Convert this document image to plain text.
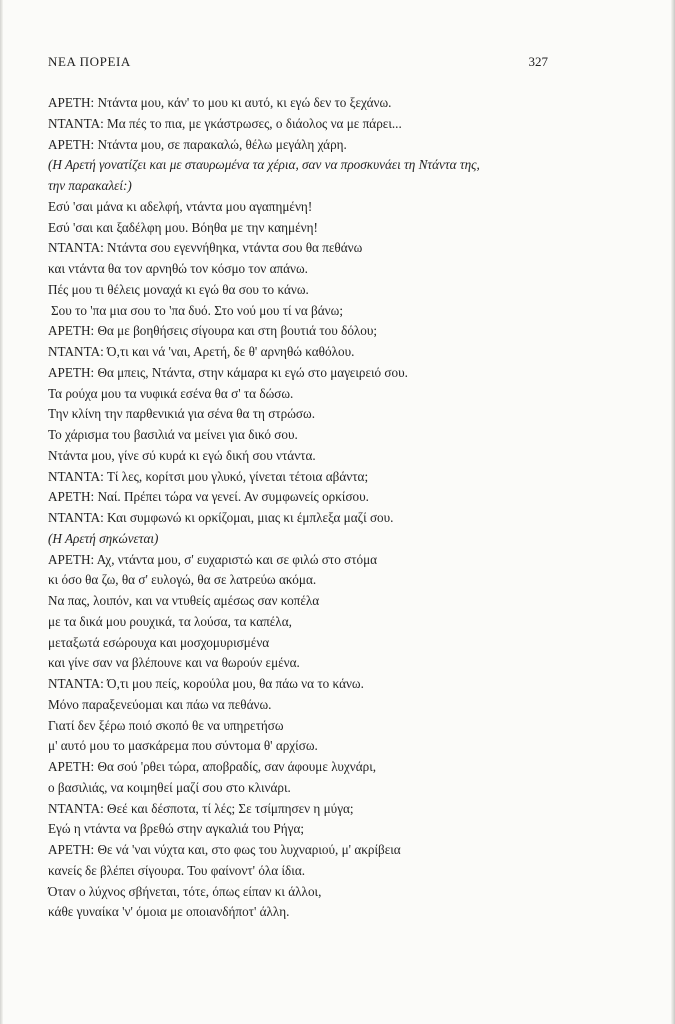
ΝΕΑ ΠΟΡΕΙΑ	327
ΑΡΕΤΗ: Ντάντα μου, κάν' το μου κι αυτό, κι εγώ δεν το ξεχάνω.
ΝΤΑΝΤΑ: Μα πές το πια, με γκάστρωσες, ο διάολος να με πάρει...
ΑΡΕΤΗ: Ντάντα μου, σε παρακαλώ, θέλω μεγάλη χάρη.
(Η Αρετή γονατίζει και με σταυρωμένα τα χέρια, σαν να προσκυνάει τη Ντάντα της,
την παρακαλεί:)
Εσύ 'σαι μάνα κι αδελφή, ντάντα μου αγαπημένη!
Εσύ 'σαι και ξαδέλφη μου. Βόηθα με την καημένη!
ΝΤΑΝΤΑ: Ντάντα σου εγεννήθηκα, ντάντα σου θα πεθάνω
και ντάντα θα τον αρνηθώ τον κόσμο τον απάνω.
Πές μου τι θέλεις μοναχά κι εγώ θα σου το κάνω.
Σου το 'πα μια σου το 'πα δυό. Στο νού μου τί να βάνω;
ΑΡΕΤΗ: Θα με βοηθήσεις σίγουρα και στη βουτιά του δόλου;
ΝΤΑΝΤΑ: Ό,τι και νά 'ναι, Αρετή, δε θ' αρνηθώ καθόλου.
ΑΡΕΤΗ: Θα μπεις, Ντάντα, στην κάμαρα κι εγώ στο μαγειρειό σου.
Τα ρούχα μου τα νυφικά εσένα θα σ' τα δώσω.
Την κλίνη την παρθενικιά για σένα θα τη στρώσω.
Το χάρισμα του βασιλιά να μείνει για δικό σου.
Ντάντα μου, γίνε σύ κυρά κι εγώ δική σου ντάντα.
ΝΤΑΝΤΑ: Τί λες, κορίτσι μου γλυκό, γίνεται τέτοια αβάντα;
ΑΡΕΤΗ: Ναί. Πρέπει τώρα να γενεί. Αν συμφωνείς ορκίσου.
ΝΤΑΝΤΑ: Και συμφωνώ κι ορκίζομαι, μιας κι έμπλεξα μαζί σου.
(Η Αρετή σηκώνεται)
ΑΡΕΤΗ: Αχ, ντάντα μου, σ' ευχαριστώ και σε φιλώ στο στόμα
κι όσο θα ζω, θα σ' ευλογώ, θα σε λατρεύω ακόμα.
Να πας, λοιπόν, και να ντυθείς αμέσως σαν κοπέλα
με τα δικά μου ρουχικά, τα λούσα, τα καπέλα,
μεταξωτά εσώρουχα και μοσχομυρισμένα
και γίνε σαν να βλέπουνε και να θωρούν εμένα.
ΝΤΑΝΤΑ: Ό,τι μου πείς, κορούλα μου, θα πάω να το κάνω.
Μόνο παραξενεύομαι και πάω να πεθάνω.
Γιατί δεν ξέρω ποιό σκοπό θε να υπηρετήσω
μ' αυτό μου το μασκάρεμα που σύντομα θ' αρχίσω.
ΑΡΕΤΗ: Θα σού 'ρθει τώρα, αποβραδίς, σαν άφουμε λυχνάρι,
ο βασιλιάς, να κοιμηθεί μαζί σου στο κλινάρι.
ΝΤΑΝΤΑ: Θεέ και δέσποτα, τί λές; Σε τσίμπησεν η μύγα;
Εγώ η ντάντα να βρεθώ στην αγκαλιά του Ρήγα;
ΑΡΕΤΗ: Θε νά 'ναι νύχτα και, στο φως του λυχναριού, μ' ακρίβεια
κανείς δε βλέπει σίγουρα. Του φαίνοντ' όλα ίδια.
Όταν ο λύχνος σβήνεται, τότε, όπως είπαν κι άλλοι,
κάθε γυναίκα 'ν' όμοια με οποιανδήποτ' άλλη.
